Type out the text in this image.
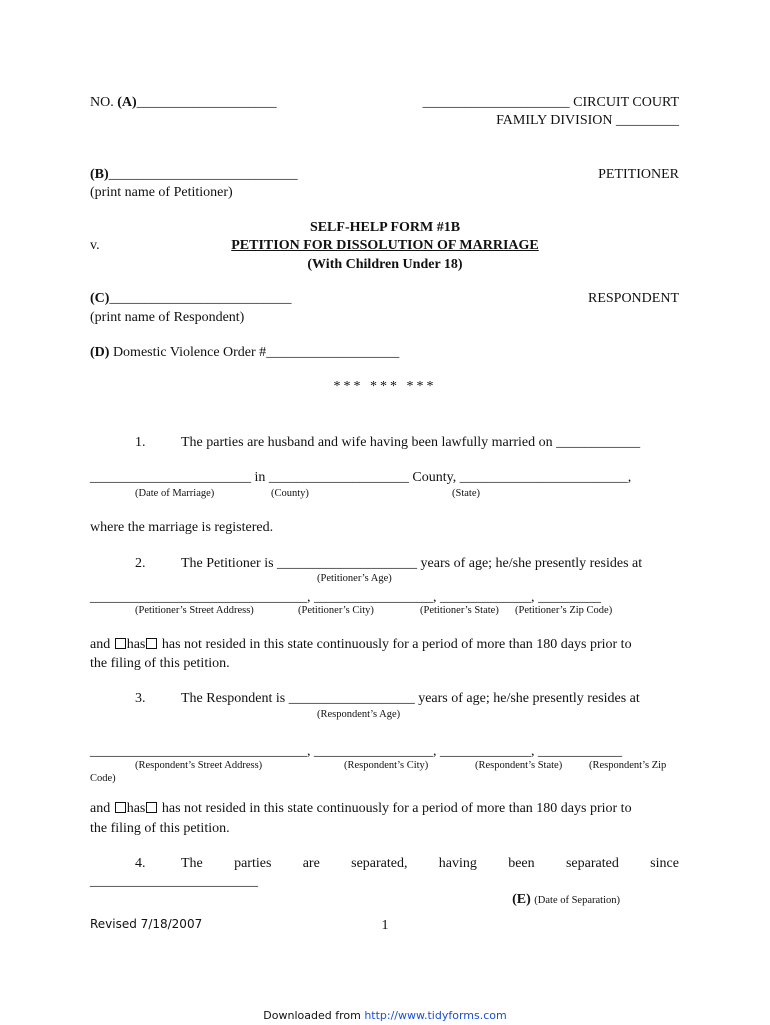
NO. (A)____________________	_____________________ CIRCUIT COURT
FAMILY DIVISION _________
(B)___________________________
(print name of Petitioner)
PETITIONER
SELF-HELP FORM #1B
PETITION FOR DISSOLUTION OF MARRIAGE
(With Children Under 18)
v.
(C)__________________________
(print name of Respondent)
RESPONDENT
(D) Domestic Violence Order #___________________
*** *** ***
1.	The parties are husband and wife having been lawfully married on ____________
_______________________ in ____________________ County, ________________________,
(Date of Marriage)	(County)	(State)
where the marriage is registered.
2.	The Petitioner is ____________________ years of age; he/she presently resides at
(Petitioner’s Age)
_______________________________, _________________, _____________, _________
(Petitioner’s Street Address)	(Petitioner’s City)	(Petitioner’s State) (Petitioner’s Zip Code)
and has has not resided in this state continuously for a period of more than 180 days prior to
the filing of this petition.
3.	The Respondent is __________________ years of age; he/she presently resides at
(Respondent’s Age)
_______________________________, _________________, _____________, ____________
(Respondent’s Street Address)	(Respondent’s City)	(Respondent’s State)	(Respondent’s Zip
Code)
and has has not resided in this state continuously for a period of more than 180 days prior to
the filing of this petition.
4.	The parties are separated, having been separated since
________________________
(E) (Date of Separation)
Revised 7/18/2007	1
Downloaded from http://www.tidyforms.com
